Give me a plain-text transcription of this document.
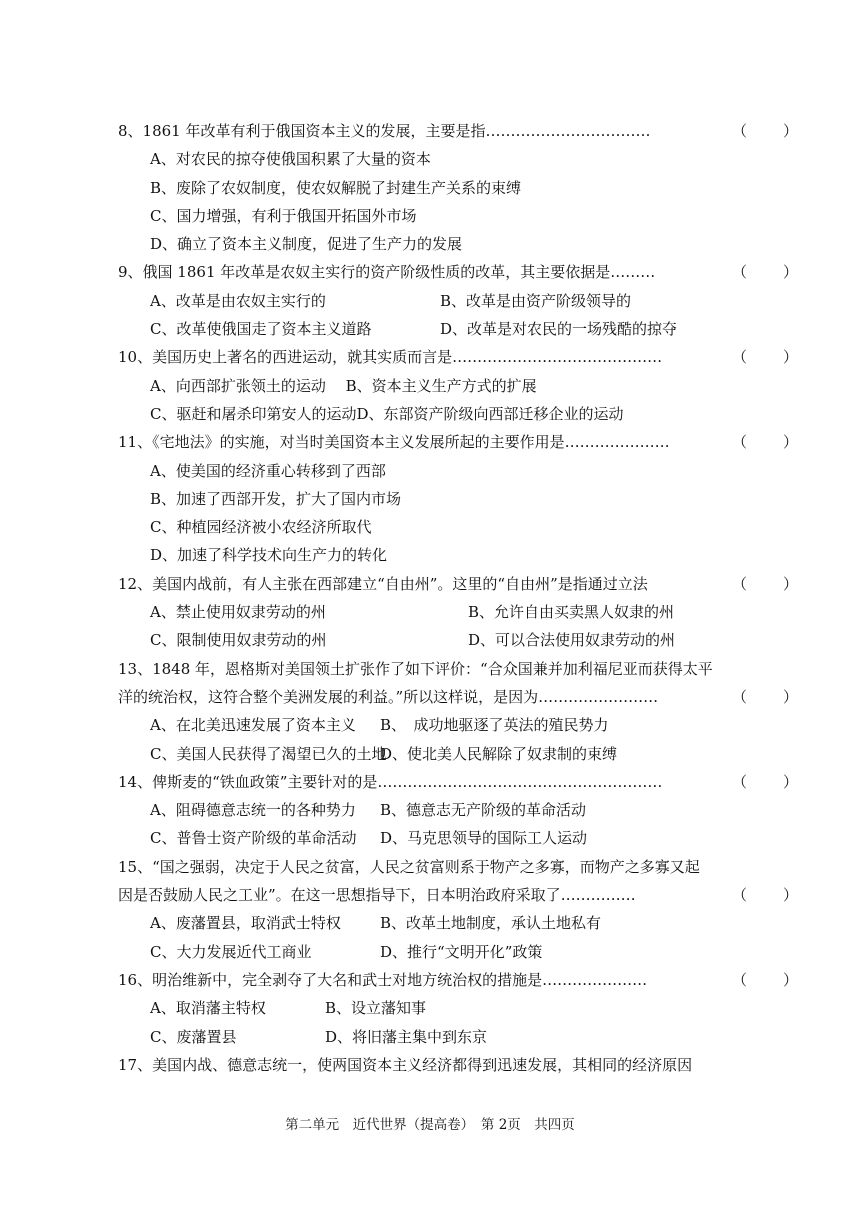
8、1861 年改革有利于俄国资本主义的发展，主要是指……………………………	（ ）
A、对农民的掠夺使俄国积累了大量的资本
B、废除了农奴制度，使农奴解脱了封建生产关系的束缚
C、国力增强，有利于俄国开拓国外市场
D、确立了资本主义制度，促进了生产力的发展
9、俄国 1861 年改革是农奴主实行的资产阶级性质的改革，其主要依据是………	（ ）
A、改革是由农奴主实行的	B、改革是由资产阶级领导的
C、改革使俄国走了资本主义道路	D、改革是对农民的一场残酷的掠夺
10、美国历史上著名的西进运动，就其实质而言是……………………………………	（ ）
A、向西部扩张领土的运动　 B、资本主义生产方式的扩展
C、驱赶和屠杀印第安人的运动D、东部资产阶级向西部迁移企业的运动
11、《宅地法》的实施，对当时美国资本主义发展所起的主要作用是…………………	（ ）
A、使美国的经济重心转移到了西部
B、加速了西部开发，扩大了国内市场
C、种植园经济被小农经济所取代
D、加速了科学技术向生产力的转化
12、美国内战前，有人主张在西部建立“自由州”。这里的“自由州”是指通过立法	（ ）
A、禁止使用奴隶劳动的州	B、允许自由买卖黑人奴隶的州
C、限制使用奴隶劳动的州	D、可以合法使用奴隶劳动的州
13、1848 年，恩格斯对美国领土扩张作了如下评价：“合众国兼并加利福尼亚而获得太平
洋的统治权，这符合整个美洲发展的利益。”所以这样说，是因为……………………	（ ）
A、在北美迅速发展了资本主义	B、　成功地驱逐了英法的殖民势力
C、美国人民获得了渴望已久的土地
D、使北美人民解除了奴隶制的束缚
14、俾斯麦的“铁血政策”主要针对的是…………………………………………………	（ ）
A、阻碍德意志统一的各种势力	B、德意志无产阶级的革命活动
C、普鲁士资产阶级的革命活动	D、马克思领导的国际工人运动
15、“国之强弱，决定于人民之贫富，人民之贫富则系于物产之多寡，而物产之多寡又起
因是否鼓励人民之工业”。在这一思想指导下，日本明治政府采取了……………	（ ）
A、废藩置县，取消武士特权	B、改革土地制度，承认土地私有
C、大力发展近代工商业	D、推行“文明开化”政策
16、明治维新中，完全剥夺了大名和武士对地方统治权的措施是…………………	（ ）
A、取消藩主特权	B、设立藩知事
C、废藩置县	D、将旧藩主集中到东京
17、美国内战、德意志统一，使两国资本主义经济都得到迅速发展，其相同的经济原因
第二单元　近代世界（提高卷）　第 2页　共四页
